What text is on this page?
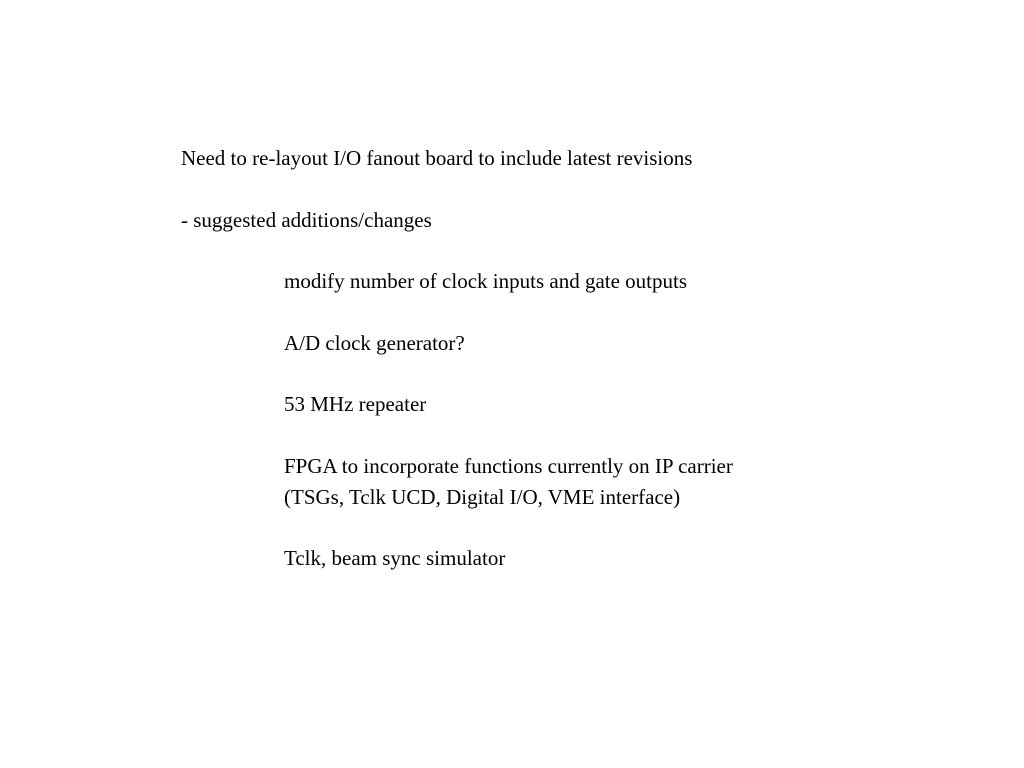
Need to re-layout I/O fanout board to include latest revisions
- suggested additions/changes
modify number of clock inputs and gate outputs
A/D clock generator?
53 MHz repeater
FPGA to incorporate functions currently on IP carrier
(TSGs, Tclk UCD, Digital I/O, VME interface)
Tclk, beam sync simulator
